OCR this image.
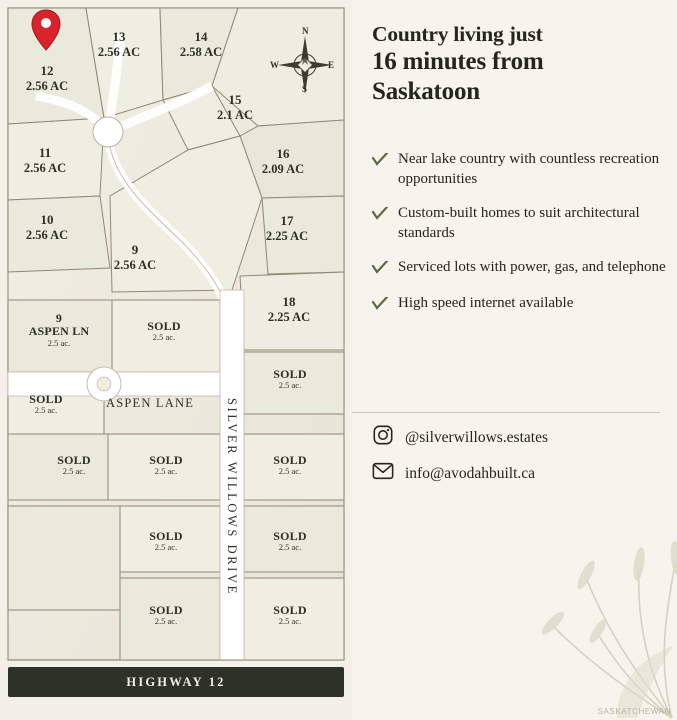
12
2.56 AC
13
2.56 AC
14
2.58 AC
15
2.1 AC
11
2.56 AC
16
2.09 AC
10
2.56 AC
17
2.25 AC
9
2.56 AC
18
2.25 AC
9
ASPEN LN
2.5 ac.
SOLD
2.5 ac.
SOLD
2.5 ac.
SOLD
2.5 ac.
SOLD
2.5 ac.
SOLD
2.5 ac.
SOLD
2.5 ac.
SOLD
2.5 ac.
SOLD
2.5 ac.
SOLD
2.5 ac.
SOLD
2.5 ac.
ASPEN LANE SILVER WILLOWS DRIVE
HIGHWAY 12
N
E
S
W
Country living just
16 minutes from
Saskatoon
Near lake country with countless recreation opportunities
Custom-built homes to suit architectural standards
Serviced lots with power, gas, and telephone
High speed internet available
@silverwillows.estates
info@avodahbuilt.ca
SASKATCHEWAN
